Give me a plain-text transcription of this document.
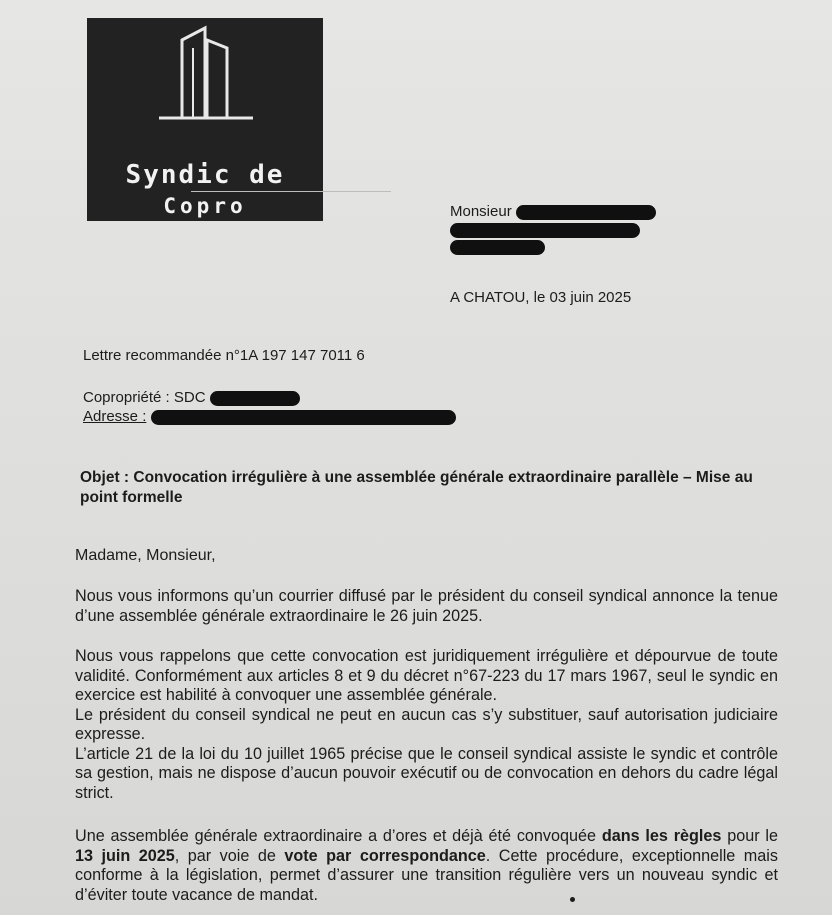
Syndic de
Copro	Monsieur
A CHATOU, le 03 juin 2025
Lettre recommandée n°1A 197 147 7011 6
Copropriété : SDC
Adresse :
Objet : Convocation irrégulière à une assemblée générale extraordinaire parallèle – Mise au point formelle
Madame, Monsieur,
Nous vous informons qu’un courrier diffusé par le président du conseil syndical annonce la tenue d’une assemblée générale extraordinaire le 26 juin 2025.

Nous vous rappelons que cette convocation est juridiquement irrégulière et dépourvue de toute validité. Conformément aux articles 8 et 9 du décret n°67-223 du 17 mars 1967, seul le syndic en exercice est habilité à convoquer une assemblée générale.

Le président du conseil syndical ne peut en aucun cas s’y substituer, sauf autorisation judiciaire expresse.

L’article 21 de la loi du 10 juillet 1965 précise que le conseil syndical assiste le syndic et contrôle sa gestion, mais ne dispose d’aucun pouvoir exécutif ou de convocation en dehors du cadre légal strict.

Une assemblée générale extraordinaire a d’ores et déjà été convoquée dans les règles pour le 13 juin 2025, par voie de vote par correspondance. Cette procédure, exceptionnelle mais conforme à la législation, permet d’assurer une transition régulière vers un nouveau syndic et d’éviter toute vacance de mandat.
